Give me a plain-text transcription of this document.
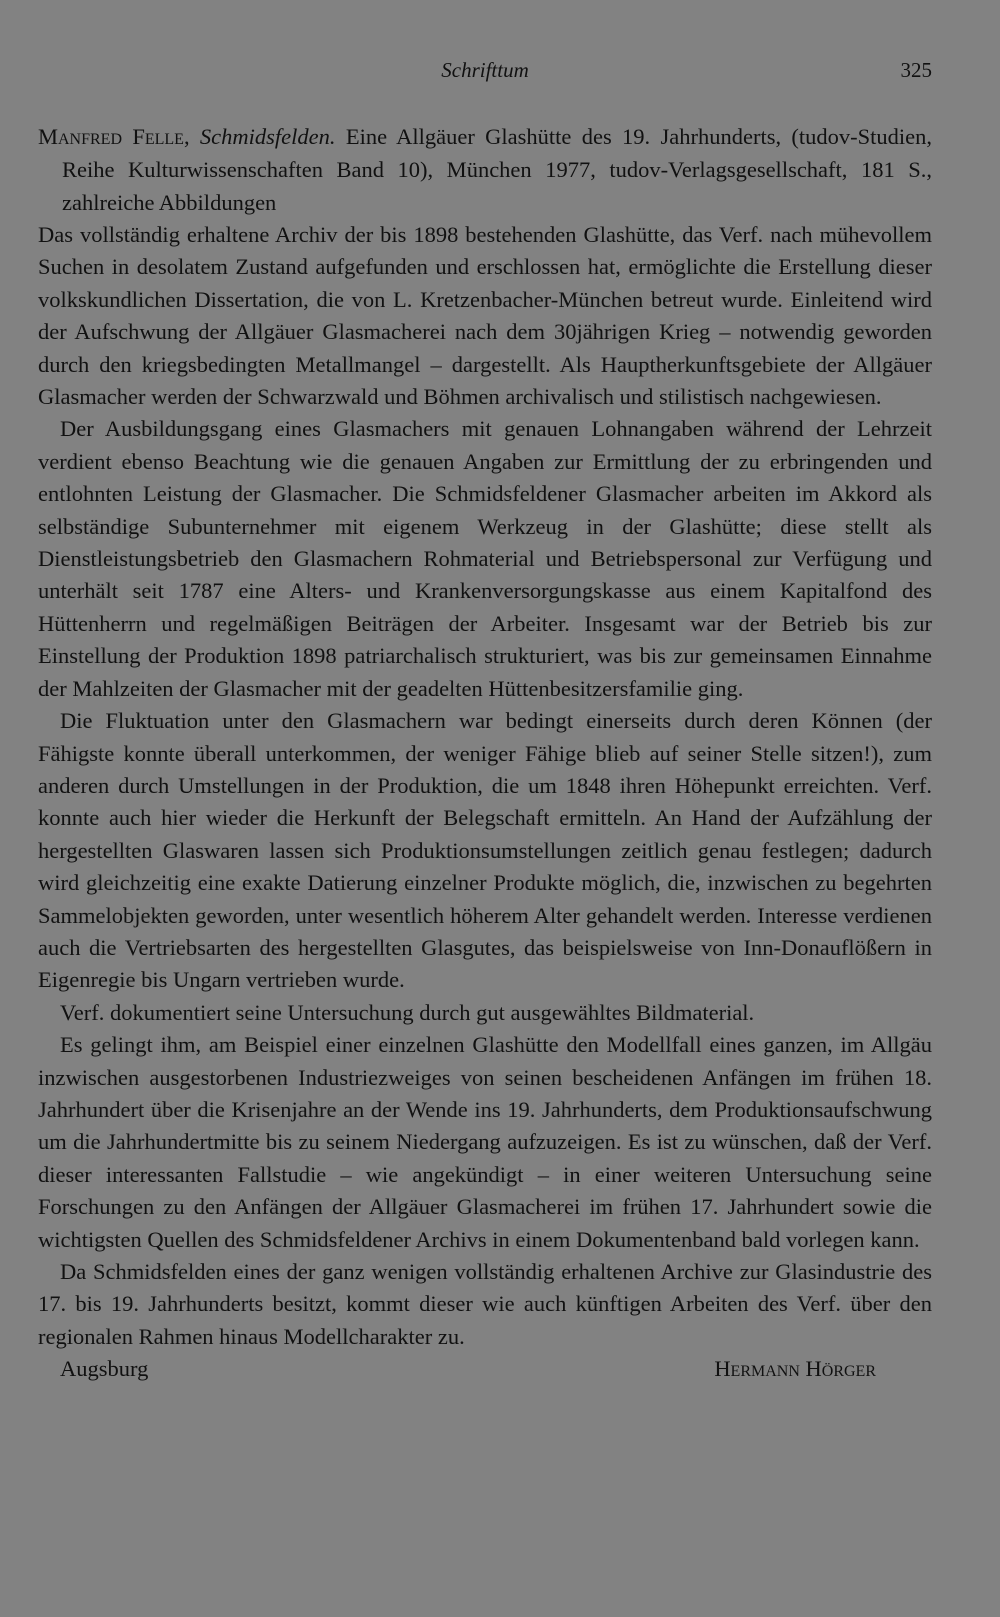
Schrifttum	325
Manfred Felle, Schmidsfelden. Eine Allgäuer Glashütte des 19. Jahrhunderts, (tudov-Studien, Reihe Kulturwissenschaften Band 10), München 1977, tudov-Verlagsgesellschaft, 181 S., zahlreiche Abbildungen

Das vollständig erhaltene Archiv der bis 1898 bestehenden Glashütte, das Verf. nach mühevollem Suchen in desolatem Zustand aufgefunden und erschlossen hat, ermöglichte die Erstellung dieser volkskundlichen Dissertation, die von L. Kretzenbacher-München betreut wurde. Einleitend wird der Aufschwung der Allgäuer Glasmacherei nach dem 30jährigen Krieg – notwendig geworden durch den kriegsbedingten Metallmangel – dargestellt. Als Hauptherkunftsgebiete der Allgäuer Glasmacher werden der Schwarzwald und Böhmen archivalisch und stilistisch nachgewiesen.

Der Ausbildungsgang eines Glasmachers mit genauen Lohnangaben während der Lehrzeit verdient ebenso Beachtung wie die genauen Angaben zur Ermittlung der zu erbringenden und entlohnten Leistung der Glasmacher. Die Schmidsfeldener Glasmacher arbeiten im Akkord als selbständige Subunternehmer mit eigenem Werkzeug in der Glashütte; diese stellt als Dienstleistungsbetrieb den Glasmachern Rohmaterial und Betriebspersonal zur Verfügung und unterhält seit 1787 eine Alters- und Krankenversorgungskasse aus einem Kapitalfond des Hüttenherrn und regelmäßigen Beiträgen der Arbeiter. Insgesamt war der Betrieb bis zur Einstellung der Produktion 1898 patriarchalisch strukturiert, was bis zur gemeinsamen Einnahme der Mahlzeiten der Glasmacher mit der geadelten Hüttenbesitzersfamilie ging.

Die Fluktuation unter den Glasmachern war bedingt einerseits durch deren Können (der Fähigste konnte überall unterkommen, der weniger Fähige blieb auf seiner Stelle sitzen!), zum anderen durch Umstellungen in der Produktion, die um 1848 ihren Höhepunkt erreichten. Verf. konnte auch hier wieder die Herkunft der Belegschaft ermitteln. An Hand der Aufzählung der hergestellten Glaswaren lassen sich Produktionsumstellungen zeitlich genau festlegen; dadurch wird gleichzeitig eine exakte Datierung einzelner Produkte möglich, die, inzwischen zu begehrten Sammelobjekten geworden, unter wesentlich höherem Alter gehandelt werden. Interesse verdienen auch die Vertriebsarten des hergestellten Glasgutes, das beispielsweise von Inn-Donauflößern in Eigenregie bis Ungarn vertrieben wurde.

Verf. dokumentiert seine Untersuchung durch gut ausgewähltes Bildmaterial.

Es gelingt ihm, am Beispiel einer einzelnen Glashütte den Modellfall eines ganzen, im Allgäu inzwischen ausgestorbenen Industriezweiges von seinen bescheidenen Anfängen im frühen 18. Jahrhundert über die Krisenjahre an der Wende ins 19. Jahrhunderts, dem Produktionsaufschwung um die Jahrhundertmitte bis zu seinem Niedergang aufzuzeigen. Es ist zu wünschen, daß der Verf. dieser interessanten Fallstudie – wie angekündigt – in einer weiteren Untersuchung seine Forschungen zu den Anfängen der Allgäuer Glasmacherei im frühen 17. Jahrhundert sowie die wichtigsten Quellen des Schmidsfeldener Archivs in einem Dokumentenband bald vorlegen kann.

Da Schmidsfelden eines der ganz wenigen vollständig erhaltenen Archive zur Glasindustrie des 17. bis 19. Jahrhunderts besitzt, kommt dieser wie auch künftigen Arbeiten des Verf. über den regionalen Rahmen hinaus Modellcharakter zu.

Augsburg	Hermann Hörger
